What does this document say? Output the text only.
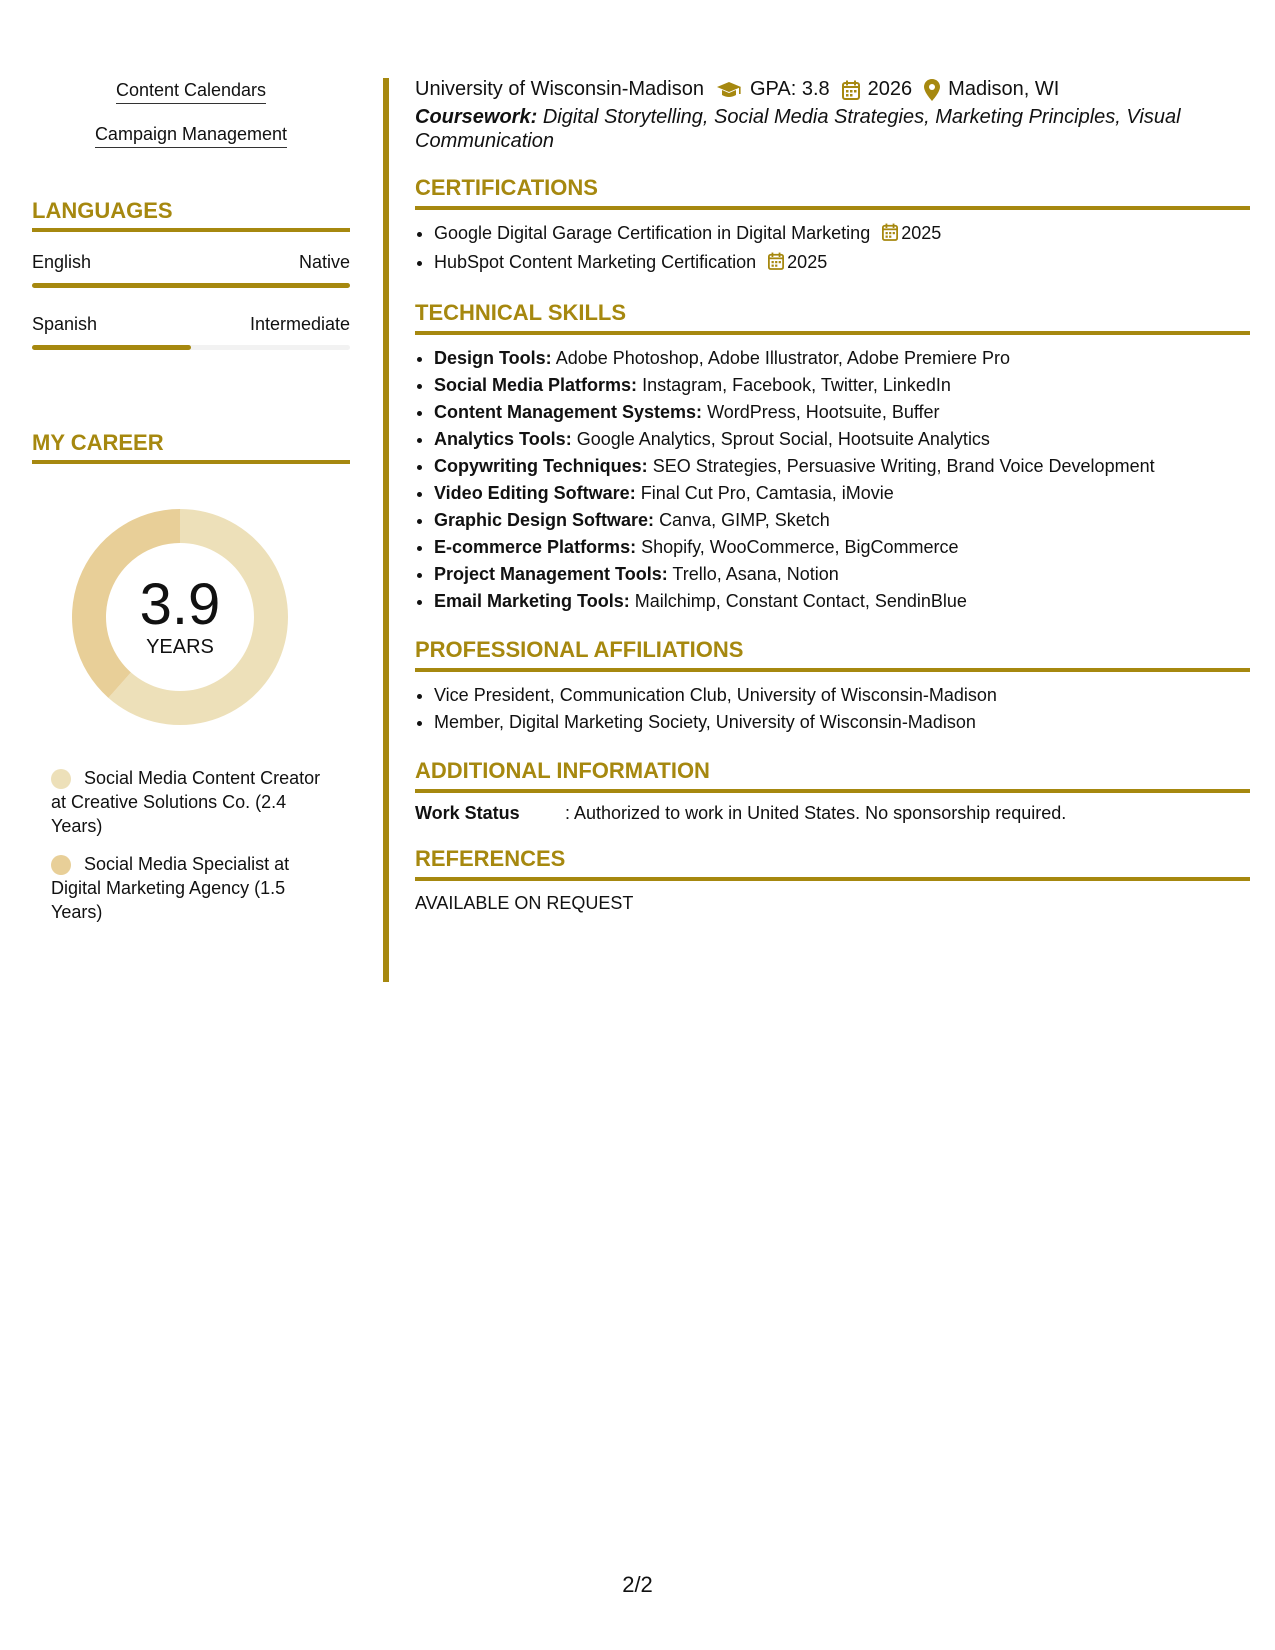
Content Calendars
Campaign Management
LANGUAGES
English	Native
Spanish	Intermediate
MY CAREER
3.9
YEARS
Social Media Content Creator at Creative Solutions Co. (2.4 Years)
Social Media Specialist at Digital Marketing Agency (1.5 Years)
University of Wisconsin-Madison GPA: 3.8 2026 Madison, WI
Coursework: Digital Storytelling, Social Media Strategies, Marketing Principles, Visual Communication
CERTIFICATIONS
• Google Digital Garage Certification in Digital Marketing 2025
• HubSpot Content Marketing Certification 2025
TECHNICAL SKILLS
• Design Tools: Adobe Photoshop, Adobe Illustrator, Adobe Premiere Pro
• Social Media Platforms: Instagram, Facebook, Twitter, LinkedIn
• Content Management Systems: WordPress, Hootsuite, Buffer
• Analytics Tools: Google Analytics, Sprout Social, Hootsuite Analytics
• Copywriting Techniques: SEO Strategies, Persuasive Writing, Brand Voice Development
• Video Editing Software: Final Cut Pro, Camtasia, iMovie
• Graphic Design Software: Canva, GIMP, Sketch
• E-commerce Platforms: Shopify, WooCommerce, BigCommerce
• Project Management Tools: Trello, Asana, Notion
• Email Marketing Tools: Mailchimp, Constant Contact, SendinBlue
PROFESSIONAL AFFILIATIONS
• Vice President, Communication Club, University of Wisconsin-Madison
• Member, Digital Marketing Society, University of Wisconsin-Madison
ADDITIONAL INFORMATION
Work Status	: Authorized to work in United States. No sponsorship required.
REFERENCES
AVAILABLE ON REQUEST
2/2
